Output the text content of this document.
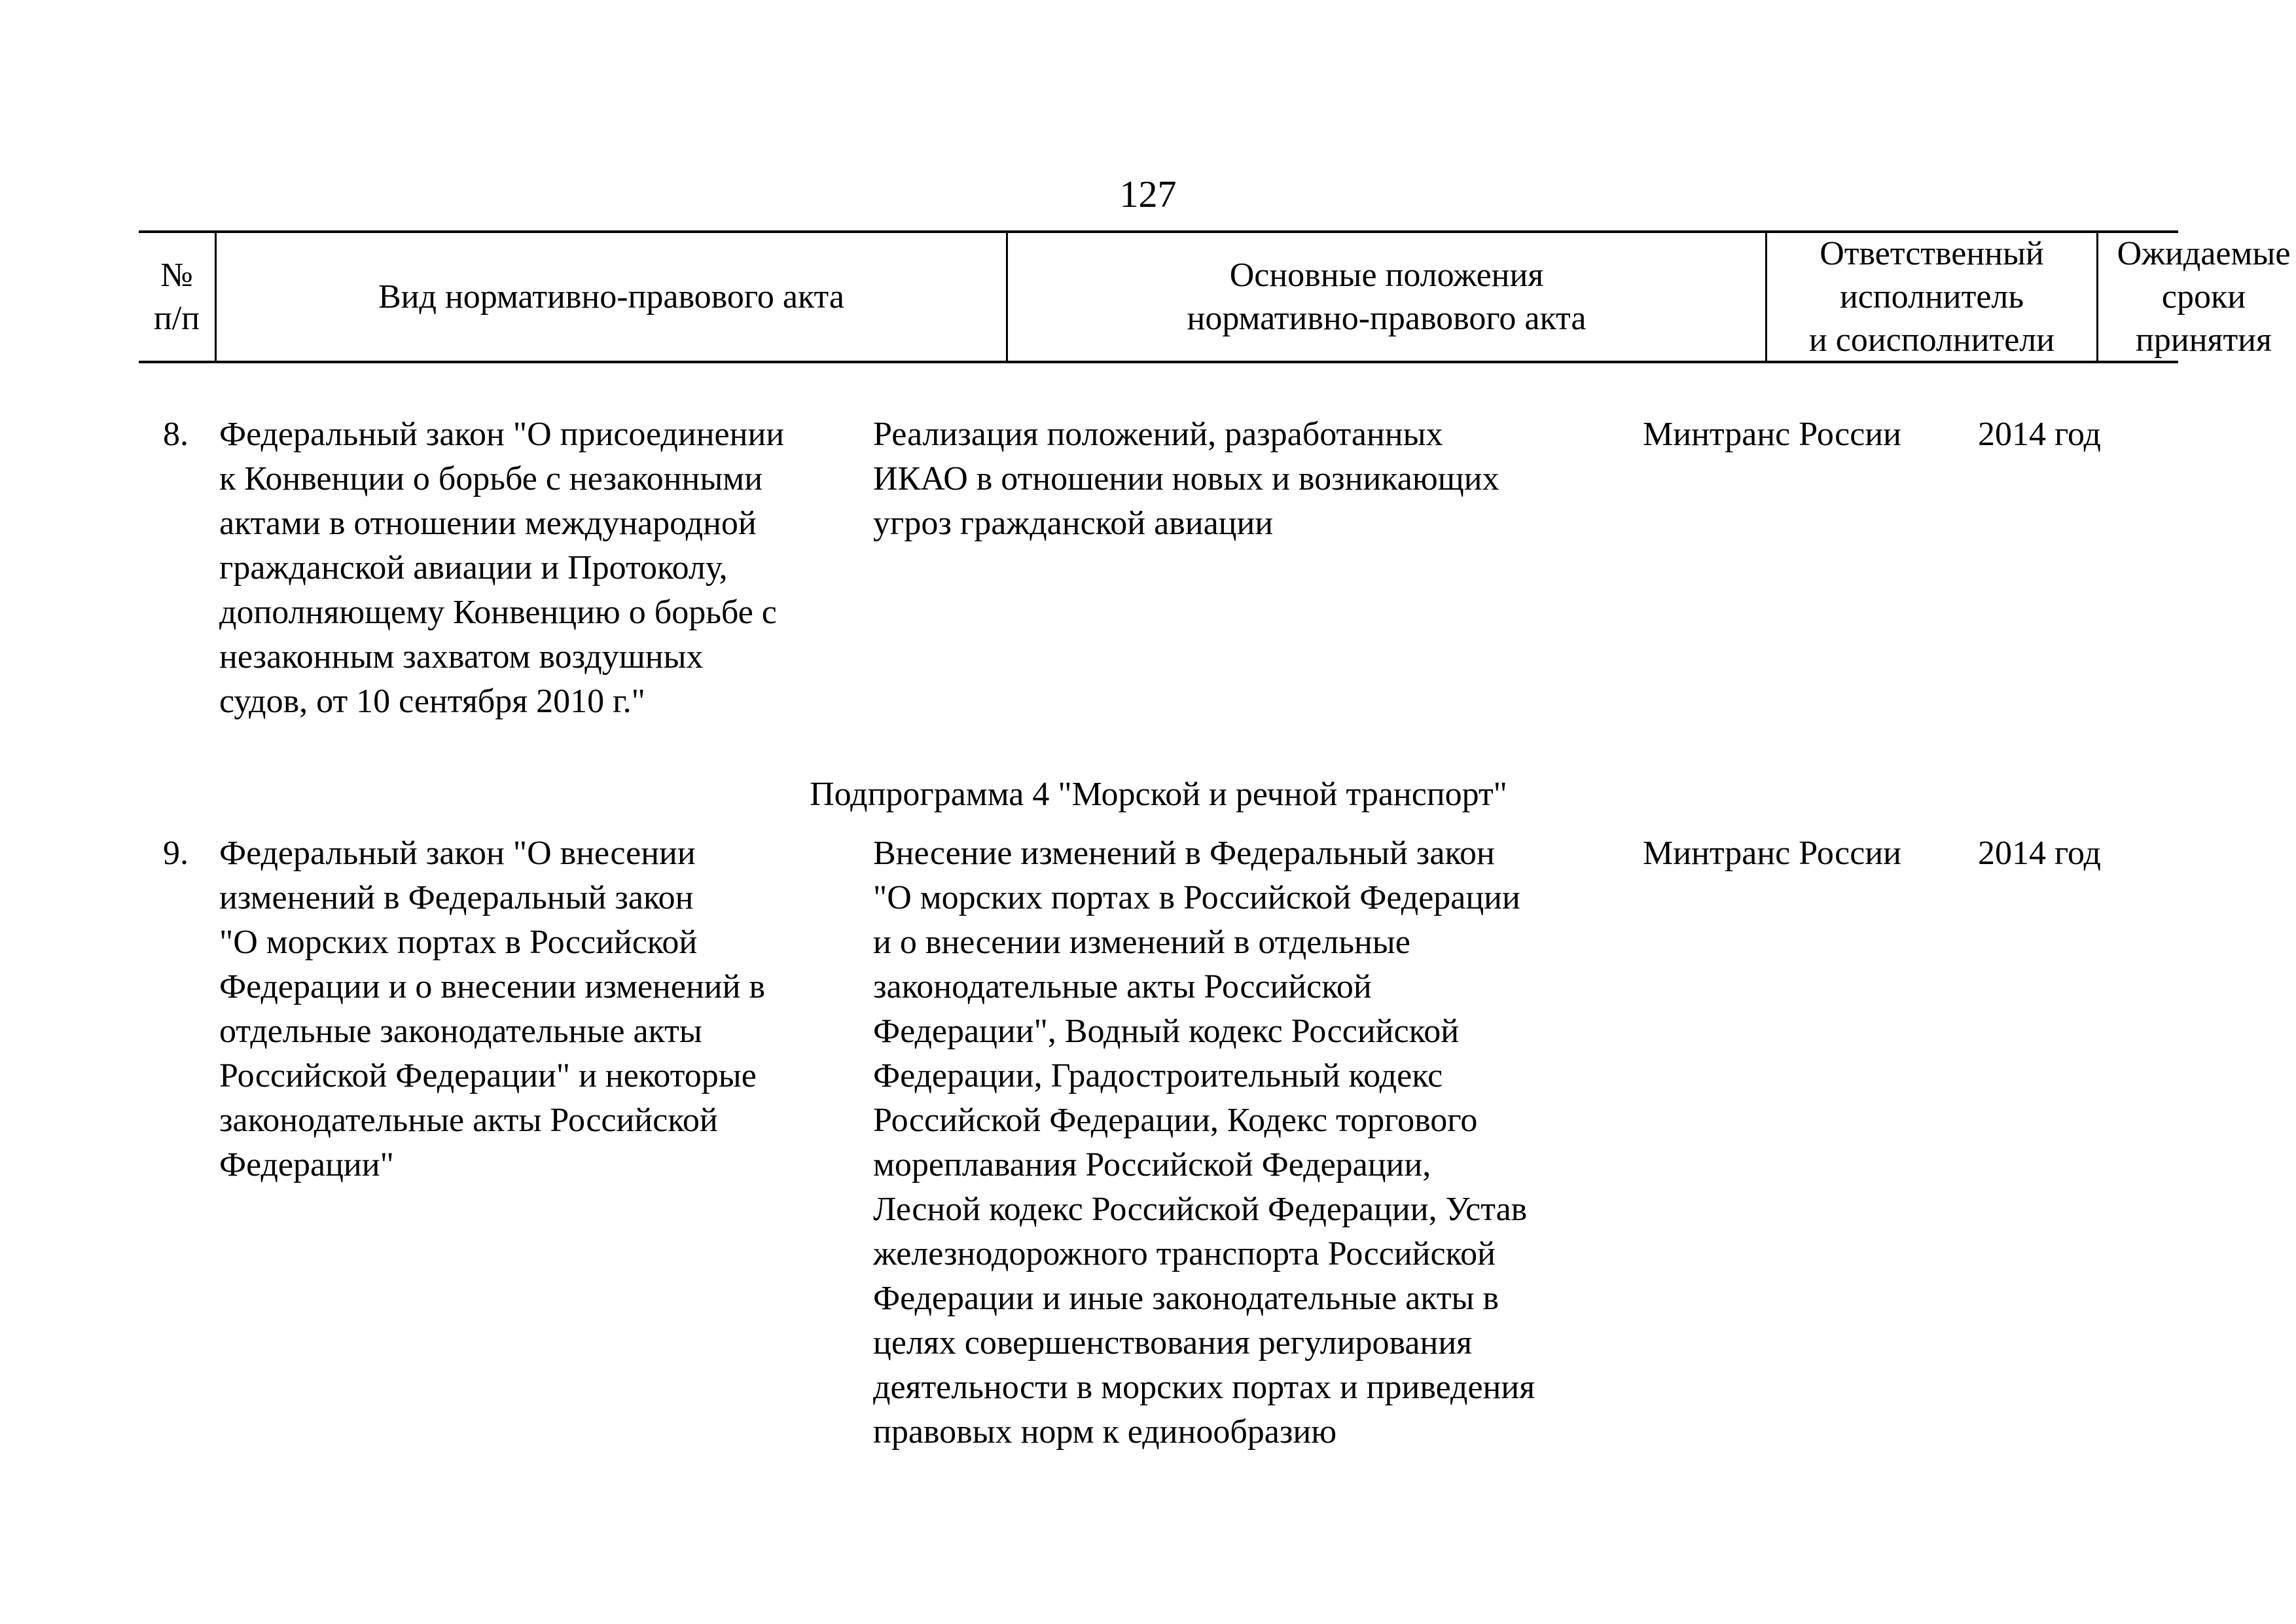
127
№
п/п
Вид нормативно-правового акта
Основные положения
нормативно-правового акта
Ответственный
исполнитель
и соисполнители
Ожидаемые
сроки
принятия
8. Федеральный закон "О присоединении
к Конвенции о борьбе с незаконными
актами в отношении международной
гражданской авиации и Протоколу,
дополняющему Конвенцию о борьбе с
незаконным захватом воздушных
судов, от 10 сентября 2010 г."
Реализация положений, разработанных
ИКАО в отношении новых и возникающих
угроз гражданской авиации
Минтранс России	2014 год
Подпрограмма 4 "Морской и речной транспорт"
9. Федеральный закон "О внесении
изменений в Федеральный закон
"О морских портах в Российской
Федерации и о внесении изменений в
отдельные законодательные акты
Российской Федерации" и некоторые
законодательные акты Российской
Федерации"
Внесение изменений в Федеральный закон
"О морских портах в Российской Федерации
и о внесении изменений в отдельные
законодательные акты Российской
Федерации", Водный кодекс Российской
Федерации, Градостроительный кодекс
Российской Федерации, Кодекс торгового
мореплавания Российской Федерации,
Лесной кодекс Российской Федерации, Устав
железнодорожного транспорта Российской
Федерации и иные законодательные акты в
целях совершенствования регулирования
деятельности в морских портах и приведения
правовых норм к единообразию
Минтранс России	2014 год
